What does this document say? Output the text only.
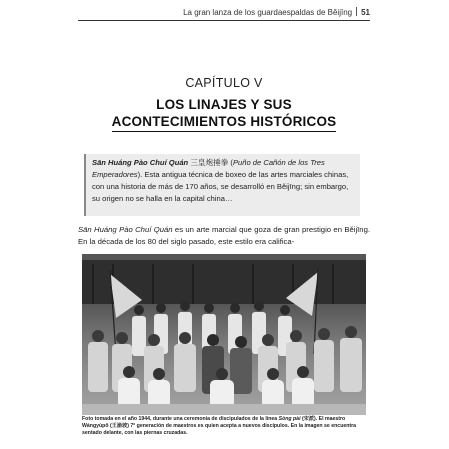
La gran lanza de los guardaespaldas de Běijīng 51
CAPÍTULO V
LOS LINAJES Y SUS
ACONTECIMIENTOS HISTÓRICOS
Sān Huáng Pào Chuí Quán 三皇炮捶拳 (Puño de Cañón de los Tres Emperadores). Esta antigua técnica de boxeo de las artes marciales chinas, con una historia de más de 170 años, se desarrolló en Běijīng; sin embargo, su origen no se halla en la capital china…
Sān Huáng Pào Chuí Quán es un arte marcial que goza de gran prestigio en Běijīng. En la década de los 80 del siglo pasado, este estilo era califica-
Foto tomada en el año 1944, durante una ceremonia de discipulados de la línea Sòng pài (宋派). El maestro Wángyùpǒ (王渝坡) 7ª generación de maestros es quien acepta a nuevos discípulos. En la imagen se encuentra sentado delante, con las piernas cruzadas.
